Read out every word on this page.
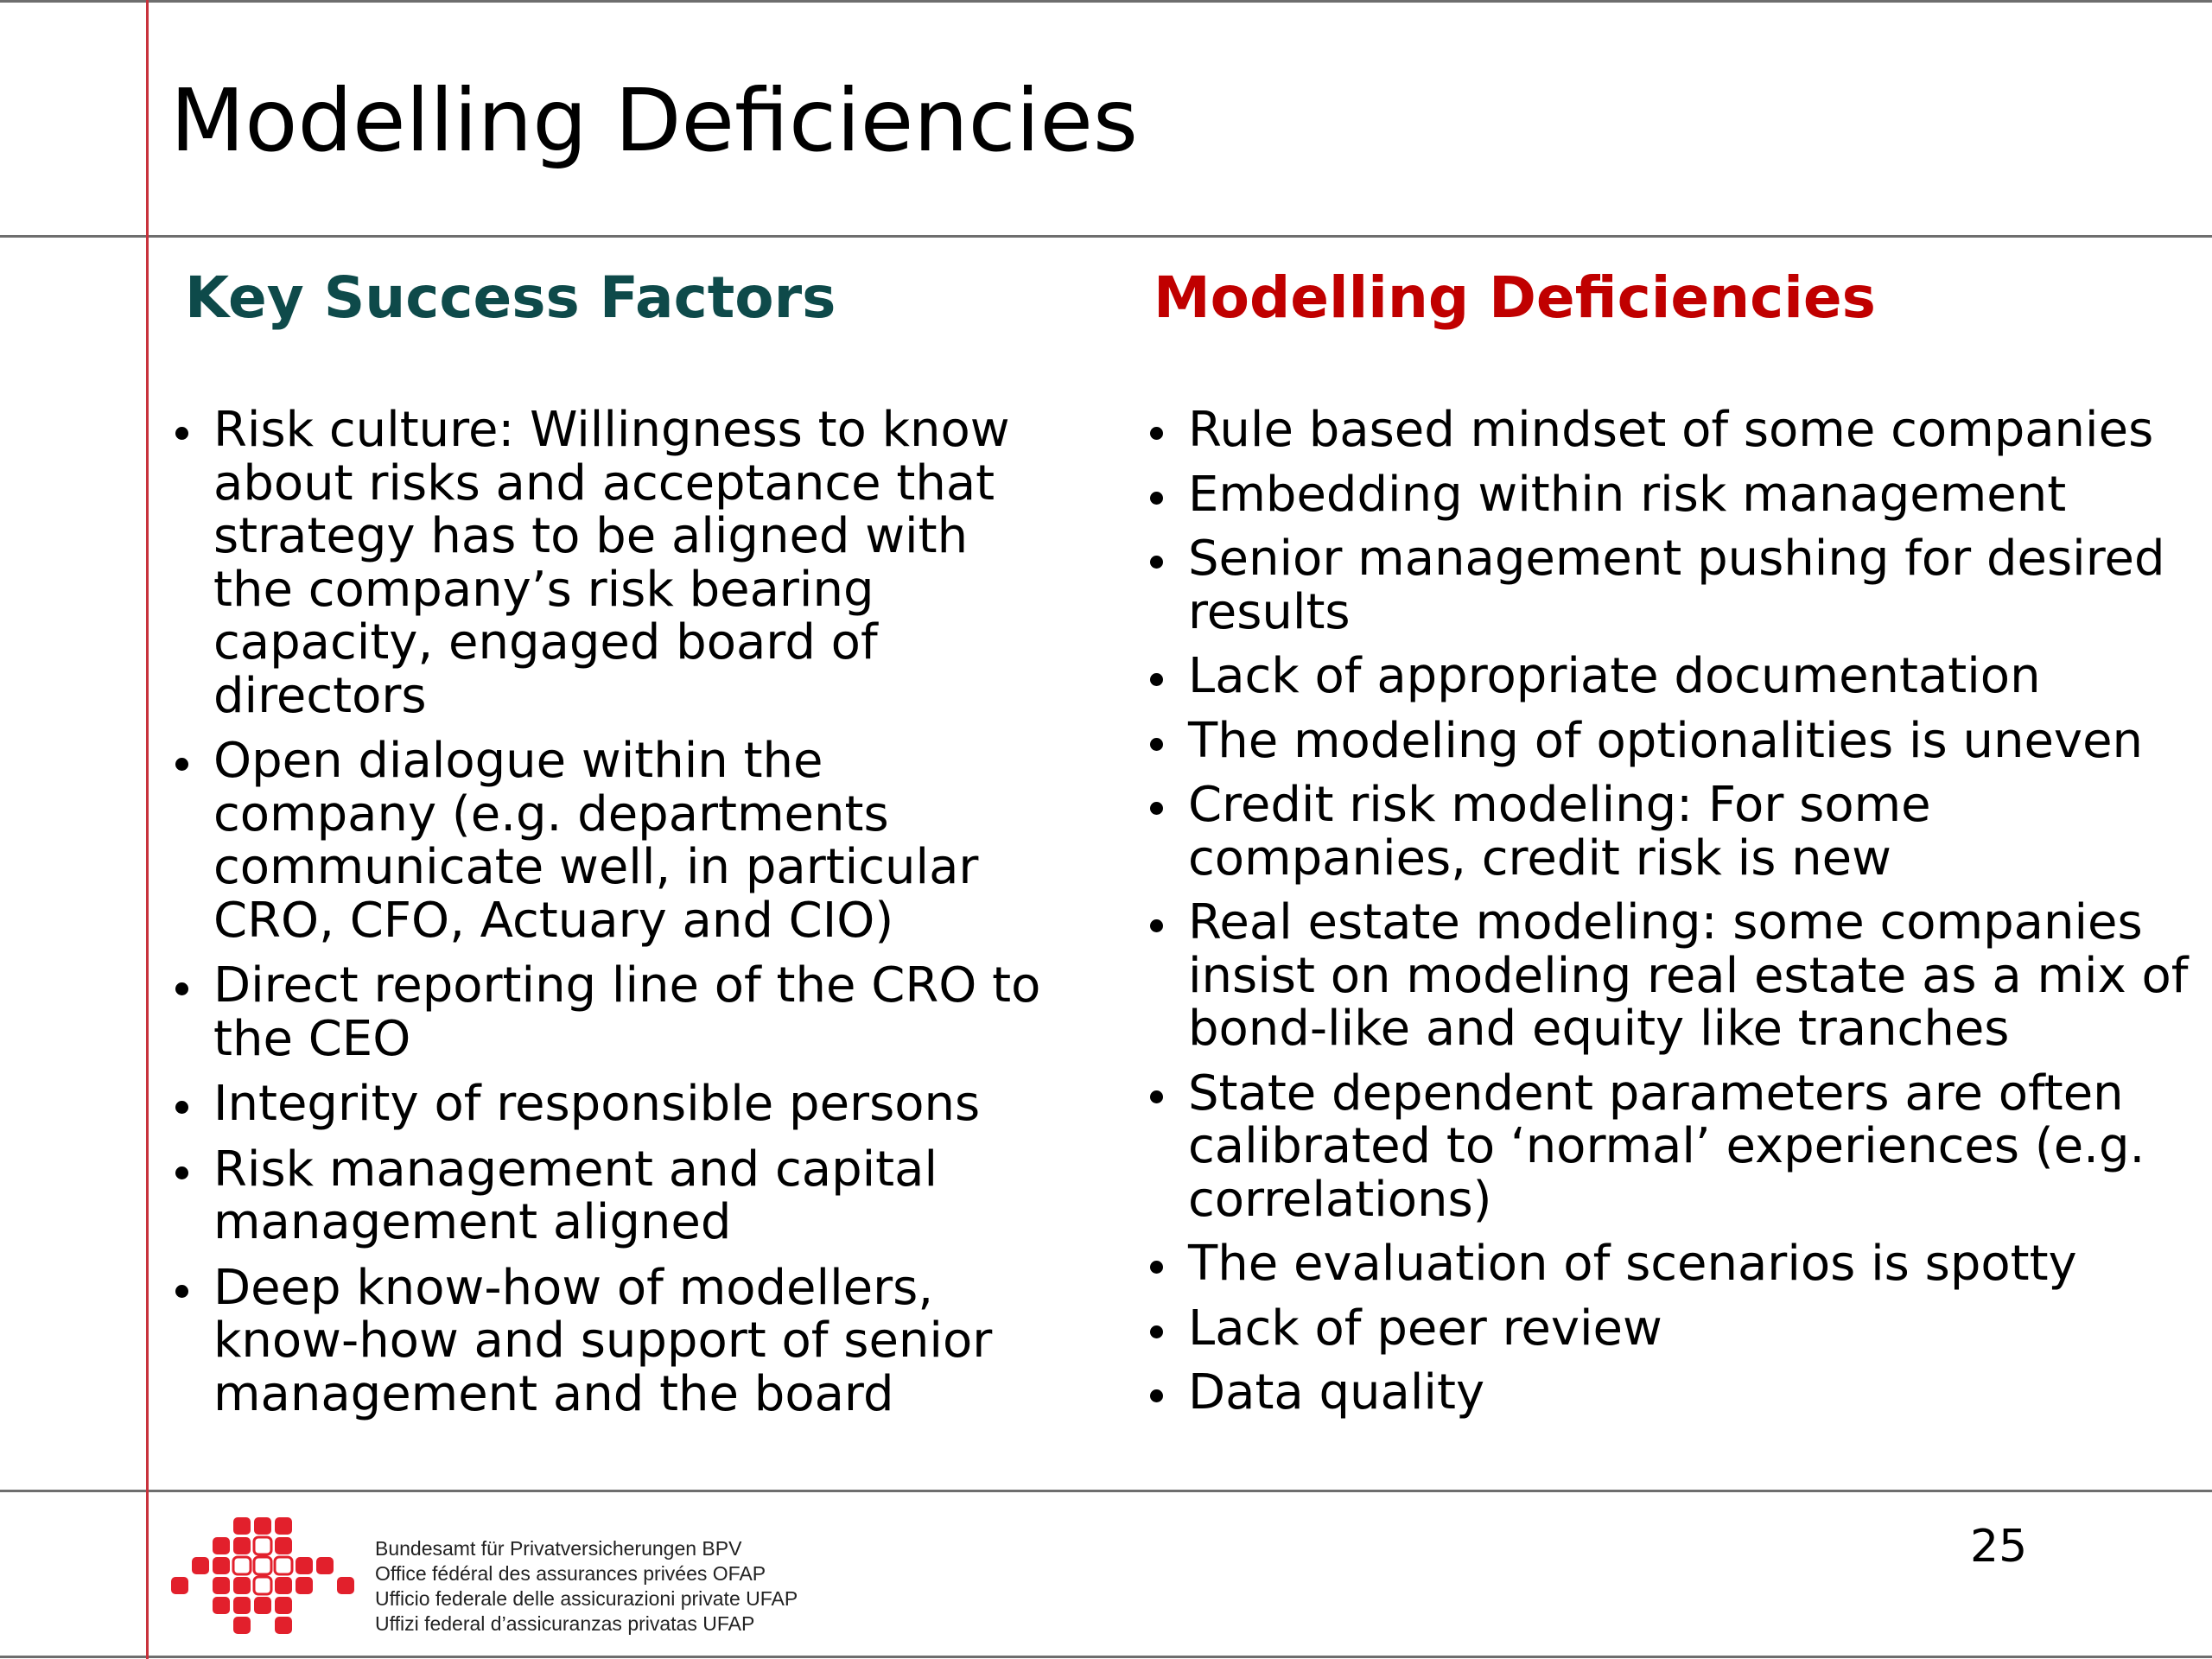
Modelling Deficiencies
Key Success Factors	Modelling Deficiencies
Risk culture: Willingness to know about risks and acceptance that strategy has to be aligned with the company’s risk bearing capacity, engaged board of directors
Open dialogue within the company (e.g. departments communicate well, in particular CRO, CFO, Actuary and CIO)
Direct reporting line of the CRO to the CEO
Integrity of responsible persons
Risk management and capital management aligned
Deep know-how of modellers, know-how and support of senior management and the board
Rule based mindset of some companies
Embedding within risk management
Senior management pushing for desired results
Lack of appropriate documentation
The modeling of optionalities is uneven
Credit risk modeling: For some companies, credit risk is new
Real estate modeling: some companies insist on modeling real estate as a mix of bond-like and equity like tranches
State dependent parameters are often calibrated to ‘normal’ experiences (e.g. correlations)
The evaluation of scenarios is spotty
Lack of peer review
Data quality
Bundesamt für Privatversicherungen BPV
Office fédéral des assurances privées OFAP
Ufficio federale delle assicurazioni private UFAP
Uffizi federal d’assicuranzas privatas UFAP
25
